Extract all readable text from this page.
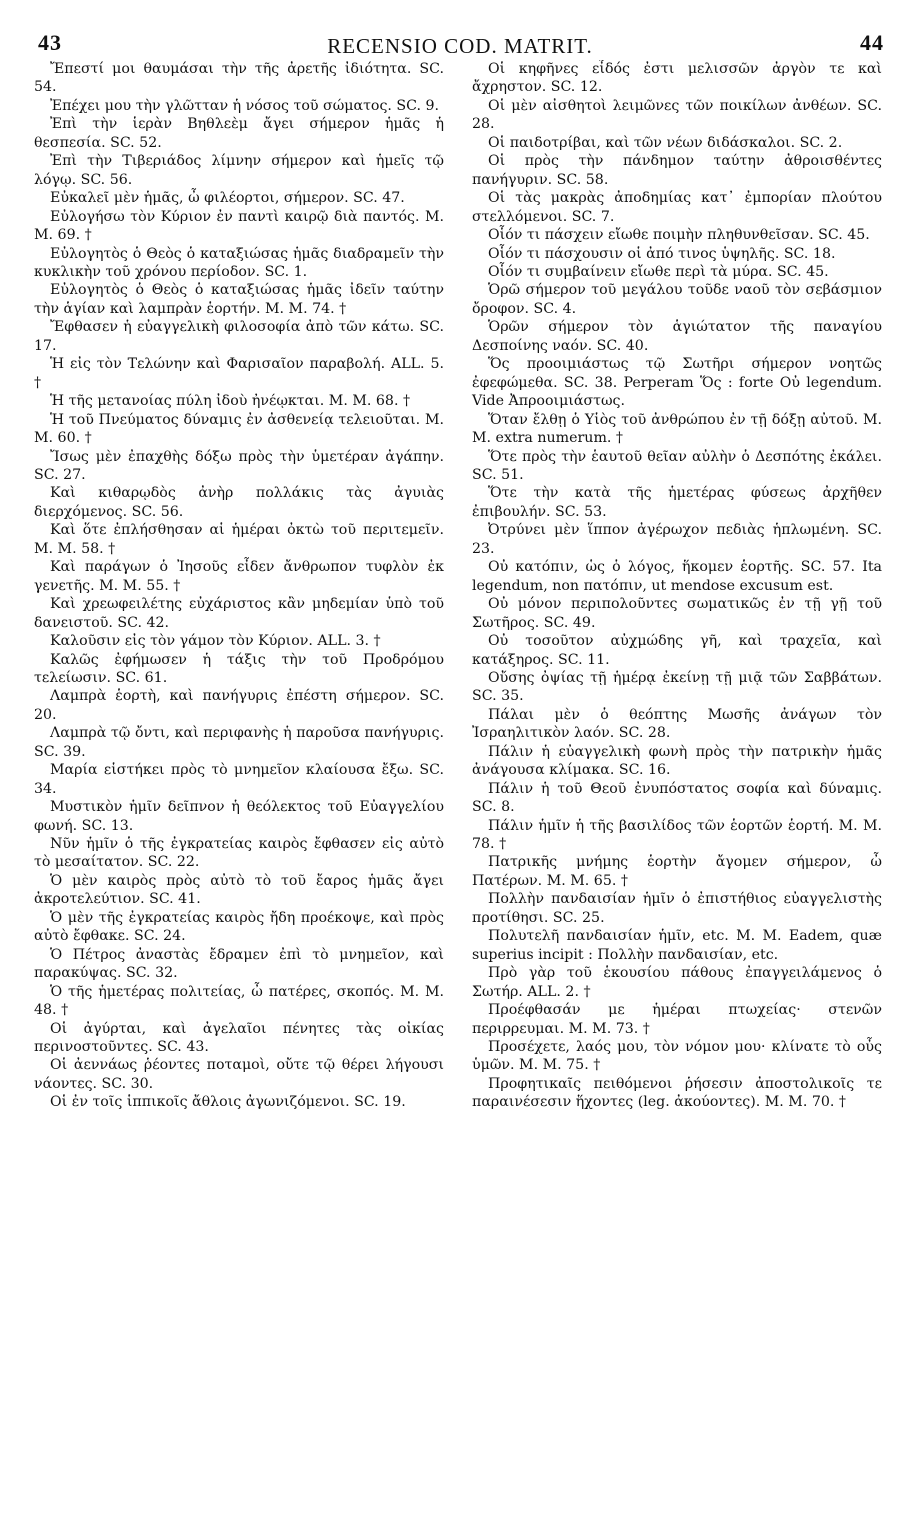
43	RECENSIO COD. MATRIT.	44

Ἔπεστί μοι θαυμάσαι τὴν τῆς ἀρετῆς ἰδιότητα. SC. 54.

Ἐπέχει μου τὴν γλῶτταν ἡ νόσος τοῦ σώματος. SC. 9.

Ἐπὶ τὴν ἱερὰν Βηθλεὲμ ἄγει σήμερον ἡμᾶς ἡ θεσπεσία. SC. 52.

Ἐπὶ τὴν Τιβεριάδος λίμνην σήμερον καὶ ἡμεῖς τῷ λόγῳ. SC. 56.

Εὐκαλεῖ μὲν ἡμᾶς, ὦ φιλέορτοι, σήμερον. SC. 47.

Εὐλογήσω τὸν Κύριον ἐν παντὶ καιρῷ διὰ παντός. M. M. 69. †

Εὐλογητὸς ὁ Θεὸς ὁ καταξιώσας ἡμᾶς διαδραμεῖν τὴν κυκλικὴν τοῦ χρόνου περίοδον. SC. 1.

Εὐλογητὸς ὁ Θεὸς ὁ καταξιώσας ἡμᾶς ἰδεῖν ταύτην τὴν ἁγίαν καὶ λαμπρὰν ἑορτήν. M. M. 74. †

Ἔφθασεν ἡ εὐαγγελικὴ φιλοσοφία ἀπὸ τῶν κάτω. SC. 17.

Ἡ εἰς τὸν Τελώνην καὶ Φαρισαῖον παραβολή. ALL. 5. †

Ἡ τῆς μετανοίας πύλη ἰδοὺ ἠνέῳκται. M. M. 68. †

Ἡ τοῦ Πνεύματος δύναμις ἐν ἀσθενείᾳ τελειοῦται. M. M. 60. †

Ἴσως μὲν ἐπαχθὴς δόξω πρὸς τὴν ὑμετέραν ἀγάπην. SC. 27.

Καὶ κιθαρῳδὸς ἀνὴρ πολλάκις τὰς ἀγυιὰς διερχόμενος. SC. 56.

Καὶ ὅτε ἐπλήσθησαν αἱ ἡμέραι ὀκτὼ τοῦ περιτεμεῖν. M. M. 58. †

Καὶ παράγων ὁ Ἰησοῦς εἶδεν ἄνθρωπον τυφλὸν ἐκ γενετῆς. M. M. 55. †

Καὶ χρεωφειλέτης εὐχάριστος κἂν μηδεμίαν ὑπὸ τοῦ δανειστοῦ. SC. 42.

Καλοῦσιν εἰς τὸν γάμον τὸν Κύριον. ALL. 3. †

Καλῶς ἐφήμωσεν ἡ τάξις τὴν τοῦ Προδρόμου τελείωσιν. SC. 61.

Λαμπρὰ ἑορτὴ, καὶ πανήγυρις ἐπέστη σήμερον. SC. 20.

Λαμπρὰ τῷ ὄντι, καὶ περιφανὴς ἡ παροῦσα πανήγυρις. SC. 39.

Μαρία εἱστήκει πρὸς τὸ μνημεῖον κλαίουσα ἔξω. SC. 34.

Μυστικὸν ἡμῖν δεῖπνον ἡ θεόλεκτος τοῦ Εὐαγγελίου φωνή. SC. 13.

Νῦν ἡμῖν ὁ τῆς ἐγκρατείας καιρὸς ἔφθασεν εἰς αὐτὸ τὸ μεσαίτατον. SC. 22.

Ὁ μὲν καιρὸς πρὸς αὐτὸ τὸ τοῦ ἔαρος ἡμᾶς ἄγει ἀκροτελεύτιον. SC. 41.

Ὁ μὲν τῆς ἐγκρατείας καιρὸς ἤδη προέκοψε, καὶ πρὸς αὐτὸ ἔφθακε. SC. 24.

Ὁ Πέτρος ἀναστὰς ἔδραμεν ἐπὶ τὸ μνημεῖον, καὶ παρακύψας. SC. 32.

Ὁ τῆς ἡμετέρας πολιτείας, ὦ πατέρες, σκοπός. M. M. 48. †

Οἱ ἀγύρται, καὶ ἀγελαῖοι πένητες τὰς οἰκίας περινοστοῦντες. SC. 43.

Οἱ ἀεννάως ῥέοντες ποταμοὶ, οὔτε τῷ θέρει λήγουσι νάοντες. SC. 30.

Οἱ ἐν τοῖς ἱππικοῖς ἄθλοις ἀγωνιζόμενοι. SC. 19.

Οἱ κηφῆνες εἶδός ἐστι μελισσῶν ἀργὸν τε καὶ ἄχρηστον. SC. 12.

Οἱ μὲν αἰσθητοὶ λειμῶνες τῶν ποικίλων ἀνθέων. SC. 28.

Οἱ παιδοτρίβαι, καὶ τῶν νέων διδάσκαλοι. SC. 2.

Οἱ πρὸς τὴν πάνδημον ταύτην ἀθροισθέντες πανήγυριν. SC. 58.

Οἱ τὰς μακρὰς ἀποδημίας κατ᾽ ἐμπορίαν πλούτου στελλόμενοι. SC. 7.

Οἷόν τι πάσχειν εἴωθε ποιμὴν πληθυνθεῖσαν. SC. 45.

Οἷόν τι πάσχουσιν οἱ ἀπό τινος ὑψηλῆς. SC. 18.

Οἷόν τι συμβαίνειν εἴωθε περὶ τὰ μύρα. SC. 45.

Ὁρῶ σήμερον τοῦ μεγάλου τοῦδε ναοῦ τὸν σεβάσμιον ὄροφον. SC. 4.

Ὁρῶν σήμερον τὸν ἁγιώτατον τῆς παναγίου Δεσποίνης ναόν. SC. 40.

Ὅς προοιμιάστως τῷ Σωτῆρι σήμερον νοητῶς ἐφεφώμεθα. SC. 38. Perperam Ὅς : forte Οὐ legendum. Vide Ἀπροοιμιάστως.

Ὅταν ἔλθῃ ὁ Υἱὸς τοῦ ἀνθρώπου ἐν τῇ δόξῃ αὐτοῦ. M. M. extra numerum. †

Ὅτε πρὸς τὴν ἑαυτοῦ θεῖαν αὐλὴν ὁ Δεσπότης ἐκάλει. SC. 51.

Ὅτε τὴν κατὰ τῆς ἡμετέρας φύσεως ἀρχῆθεν ἐπιβουλήν. SC. 53.

Ὀτρύνει μὲν ἵππον ἀγέρωχον πεδιὰς ἡπλωμένη. SC. 23.

Οὐ κατόπιν, ὡς ὁ λόγος, ἥκομεν ἑορτῆς. SC. 57. Ita legendum, non πατόπιν, ut mendose excusum est.

Οὐ μόνον περιπολοῦντες σωματικῶς ἐν τῇ γῇ τοῦ Σωτῆρος. SC. 49.

Οὐ τοσοῦτον αὐχμώδης γῆ, καὶ τραχεῖα, καὶ κατάξηρος. SC. 11.

Οὔσης ὀψίας τῇ ἡμέρᾳ ἐκείνῃ τῇ μιᾷ τῶν Σαββάτων. SC. 35.

Πάλαι μὲν ὁ θεόπτης Μωσῆς ἀνάγων τὸν Ἰσραηλιτικὸν λαόν. SC. 28.

Πάλιν ἡ εὐαγγελικὴ φωνὴ πρὸς τὴν πατρικὴν ἡμᾶς ἀνάγουσα κλίμακα. SC. 16.

Πάλιν ἡ τοῦ Θεοῦ ἐνυπόστατος σοφία καὶ δύναμις. SC. 8.

Πάλιν ἡμῖν ἡ τῆς βασιλίδος τῶν ἑορτῶν ἑορτή. M. M. 78. †

Πατρικῆς μνήμης ἑορτὴν ἄγομεν σήμερον, ὦ Πατέρων. M. M. 65. †

Πολλὴν πανδαισίαν ἡμῖν ὁ ἐπιστήθιος εὐαγγελιστὴς προτίθησι. SC. 25.

Πολυτελῆ πανδαισίαν ἡμῖν, etc. M. M. Eadem, quæ superius incipit : Πολλὴν πανδαισίαν, etc.

Πρὸ γὰρ τοῦ ἑκουσίου πάθους ἐπαγγειλάμενος ὁ Σωτήρ. ALL. 2. †

Προέφθασάν με ἡμέραι πτωχείας· στενῶν περιρρευμαι. M. M. 73. †

Προσέχετε, λαός μου, τὸν νόμον μου· κλίνατε τὸ οὖς ὑμῶν. M. M. 75. †

Προφητικαῖς πειθόμενοι ῥήσεσιν ἀποστολικοῖς τε παραινέσεσιν ἥχοντες (leg. ἀκούοντες). M. M. 70. †
